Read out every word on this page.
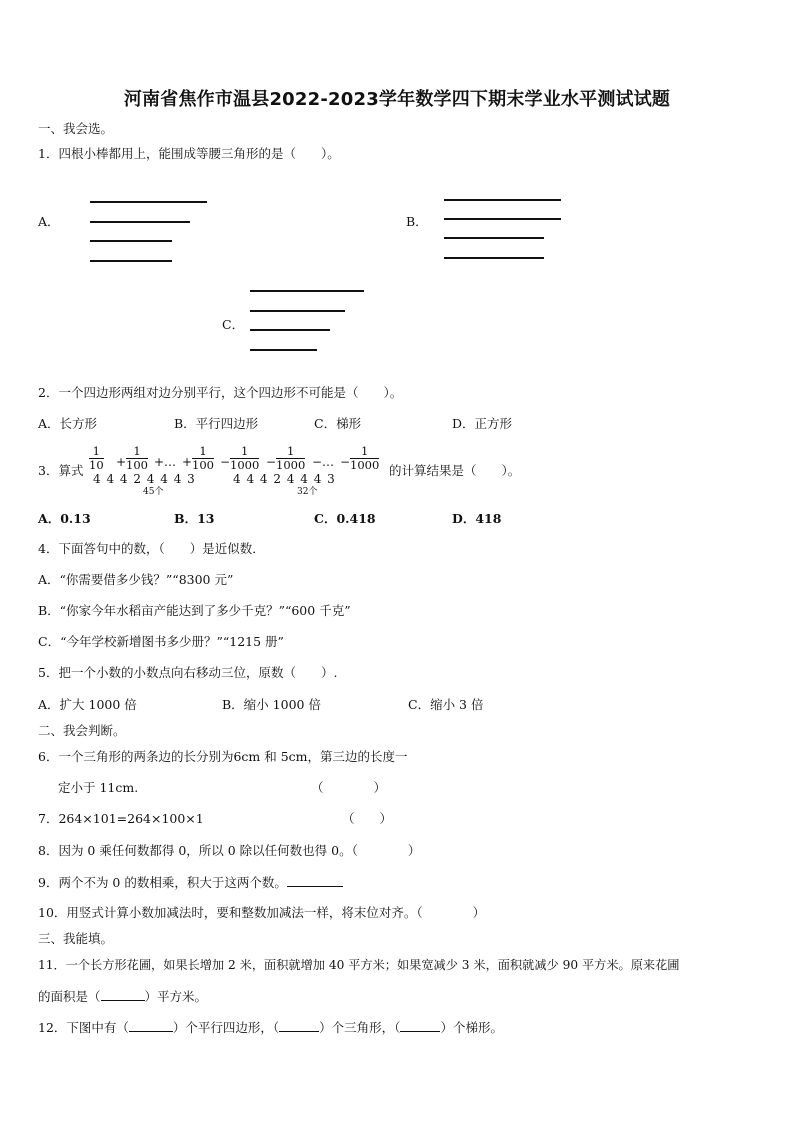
河南省焦作市温县2022-2023学年数学四下期末学业水平测试试题
一、我会选。
1．四根小棒都用上，能围成等腰三角形的是（　　）。
A．	B．
C．
2．一个四边形两组对边分别平行，这个四边形不可能是（　　）。
A．长方形	B．平行四边形	C．梯形	D．正方形
3．算式 $\frac{1}{10} + \frac{1}{100}$ + … + $\frac{1}{100} - \frac{1}{1000} - \frac{1}{1000}$ − … − $\frac{1}{1000}$
4 4 4 2 4 4 4 3	4 4 4 2 4 4 4 3
45个	32个
的计算结果是（　　）。
A．0.13	B．13	C．0.418	D．418
4．下面答句中的数，（　　）是近似数．
A．“你需要借多少钱？”“8300 元”
B．“你家今年水稻亩产能达到了多少千克？”“600 千克”
C．“今年学校新增图书多少册？”“1215 册”
5．把一个小数的小数点向右移动三位，原数（　　）.
A．扩大 1000 倍	B．缩小 1000 倍	C．缩小 3 倍
二、我会判断。
6．一个三角形的两条边的长分别为6cm 和 5cm，第三边的长度一
定小于 11cm.	（　　　　）
7．264×101=264×100×1	（　　）
8．因为 0 乘任何数都得 0，所以 0 除以任何数也得 0。（　　　　）
9．两个不为 0 的数相乘，积大于这两个数。
10．用竖式计算小数加减法时，要和整数加减法一样，将末位对齐。（　　　　）
三、我能填。
11．一个长方形花圃，如果长增加 2 米，面积就增加 40 平方米；如果宽减少 3 米，面积就减少 90 平方米。原来花圃
的面积是（	）平方米。
12．下图中有（	）个平行四边形，（	）个三角形，（	）个梯形。
